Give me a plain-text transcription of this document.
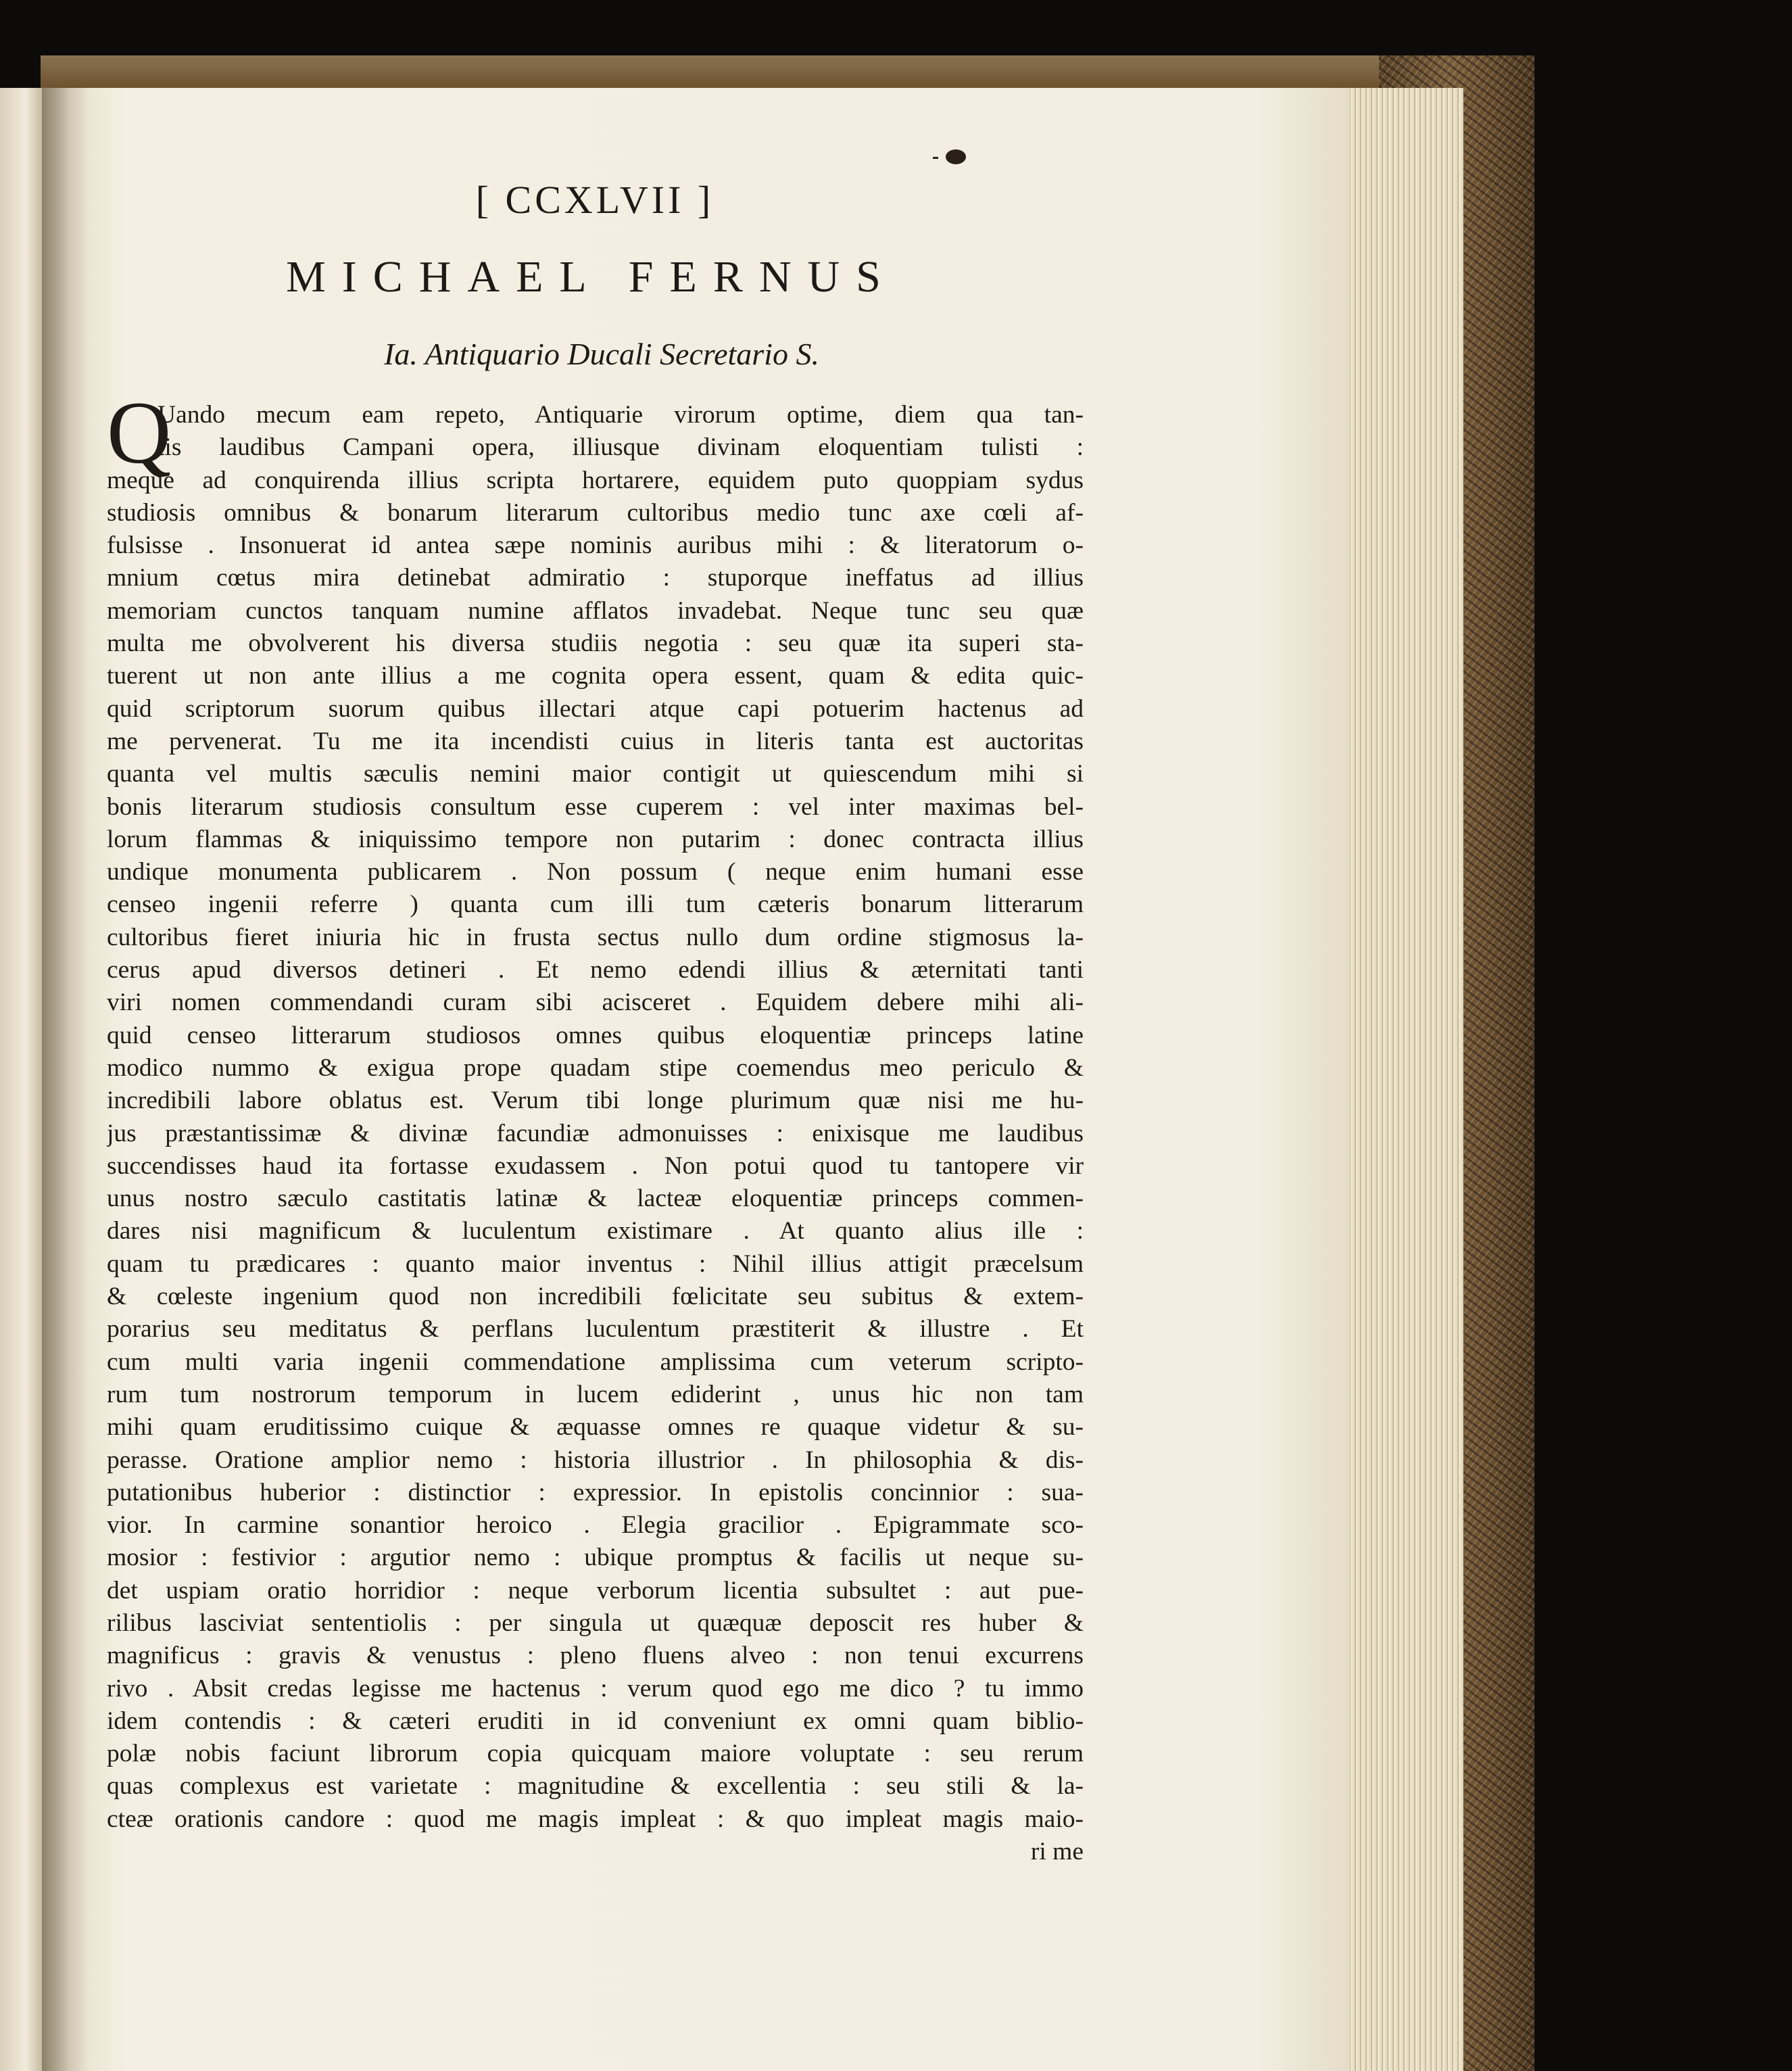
[ CCXLVII ]
MICHAEL FERNUS
Ia. Antiquario Ducali Secretario S.
Q
Uando mecum eam repeto, Antiquarie virorum optime, diem qua tan-
tis laudibus Campani opera, illiusque divinam eloquentiam tulisti :
meque ad conquirenda illius scripta hortarere, equidem puto quoppiam sydus
studiosis omnibus & bonarum literarum cultoribus medio tunc axe cœli af-
fulsisse . Insonuerat id antea sæpe nominis auribus mihi : & literatorum o-
mnium cœtus mira detinebat admiratio : stuporque ineffatus ad illius
memoriam cunctos tanquam numine afflatos invadebat. Neque tunc seu quæ
multa me obvolverent his diversa studiis negotia : seu quæ ita superi sta-
tuerent ut non ante illius a me cognita opera essent, quam & edita quic-
quid scriptorum suorum quibus illectari atque capi potuerim hactenus ad
me pervenerat. Tu me ita incendisti cuius in literis tanta est auctoritas
quanta vel multis sæculis nemini maior contigit ut quiescendum mihi si
bonis literarum studiosis consultum esse cuperem : vel inter maximas bel-
lorum flammas & iniquissimo tempore non putarim : donec contracta illius
undique monumenta publicarem . Non possum ( neque enim humani esse
censeo ingenii referre ) quanta cum illi tum cæteris bonarum litterarum
cultoribus fieret iniuria hic in frusta sectus nullo dum ordine stigmosus la-
cerus apud diversos detineri . Et nemo edendi illius & æternitati tanti
viri nomen commendandi curam sibi acisceret . Equidem debere mihi ali-
quid censeo litterarum studiosos omnes quibus eloquentiæ princeps latine
modico nummo & exigua prope quadam stipe coemendus meo periculo &
incredibili labore oblatus est. Verum tibi longe plurimum quæ nisi me hu-
jus præstantissimæ & divinæ facundiæ admonuisses : enixisque me laudibus
succendisses haud ita fortasse exudassem . Non potui quod tu tantopere vir
unus nostro sæculo castitatis latinæ & lacteæ eloquentiæ princeps commen-
dares nisi magnificum & luculentum existimare . At quanto alius ille :
quam tu prædicares : quanto maior inventus : Nihil illius attigit præcelsum
& cœleste ingenium quod non incredibili fœlicitate seu subitus & extem-
porarius seu meditatus & perflans luculentum præstiterit & illustre . Et
cum multi varia ingenii commendatione amplissima cum veterum scripto-
rum tum nostrorum temporum in lucem ediderint , unus hic non tam
mihi quam eruditissimo cuique & æquasse omnes re quaque videtur & su-
perasse. Oratione amplior nemo : historia illustrior . In philosophia & dis-
putationibus huberior : distinctior : expressior. In epistolis concinnior : sua-
vior. In carmine sonantior heroico . Elegia gracilior . Epigrammate sco-
mosior : festivior : argutior nemo : ubique promptus & facilis ut neque su-
det uspiam oratio horridior : neque verborum licentia subsultet : aut pue-
rilibus lasciviat sententiolis : per singula ut quæquæ deposcit res huber &
magnificus : gravis & venustus : pleno fluens alveo : non tenui excurrens
rivo . Absit credas legisse me hactenus : verum quod ego me dico ? tu immo
idem contendis : & cæteri eruditi in id conveniunt ex omni quam biblio-
polæ nobis faciunt librorum copia quicquam maiore voluptate : seu rerum
quas complexus est varietate : magnitudine & excellentia : seu stili & la-
cteæ orationis candore : quod me magis impleat : & quo impleat magis maio-
ri me
